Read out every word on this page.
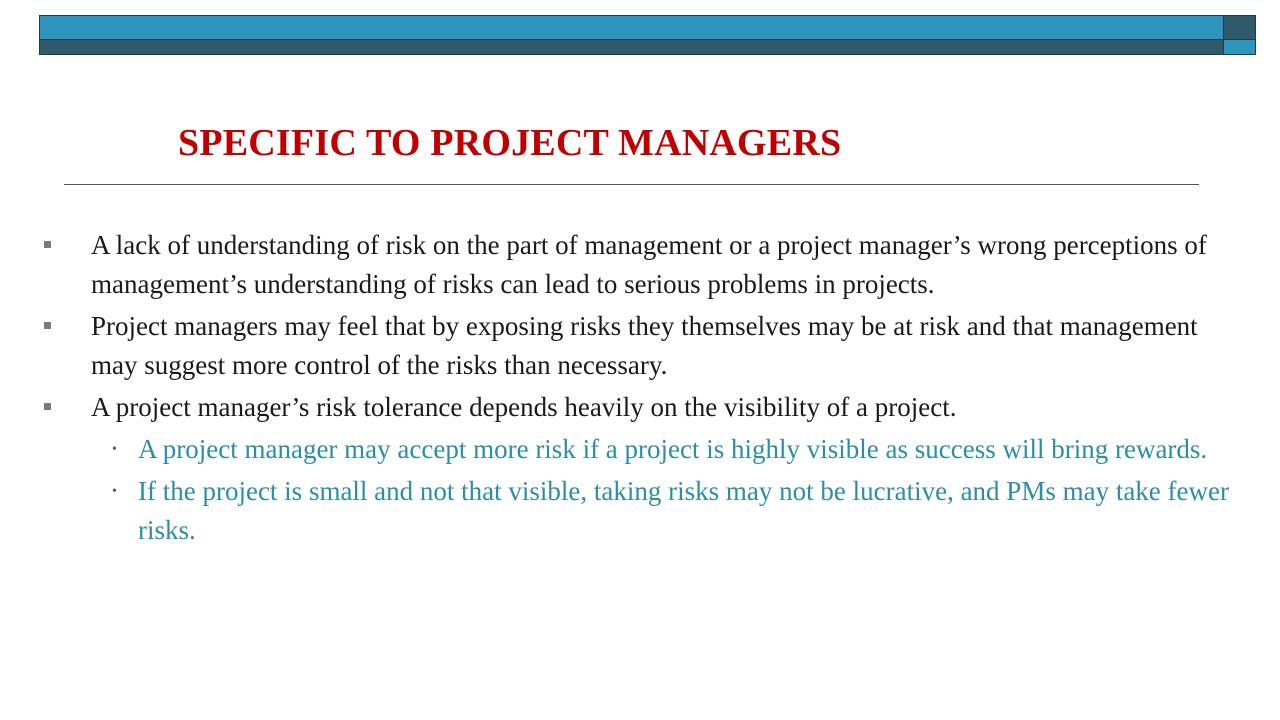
SPECIFIC TO PROJECT MANAGERS
A lack of understanding of risk on the part of management or a project manager’s wrong perceptions of management’s understanding of risks can lead to serious problems in projects.
Project managers may feel that by exposing risks they themselves may be at risk and that management may suggest more control of the risks than necessary.
A project manager’s risk tolerance depends heavily on the visibility of a project.
• A project manager may accept more risk if a project is highly visible as success will bring rewards.
• If the project is small and not that visible, taking risks may not be lucrative, and PMs may take fewer risks.
